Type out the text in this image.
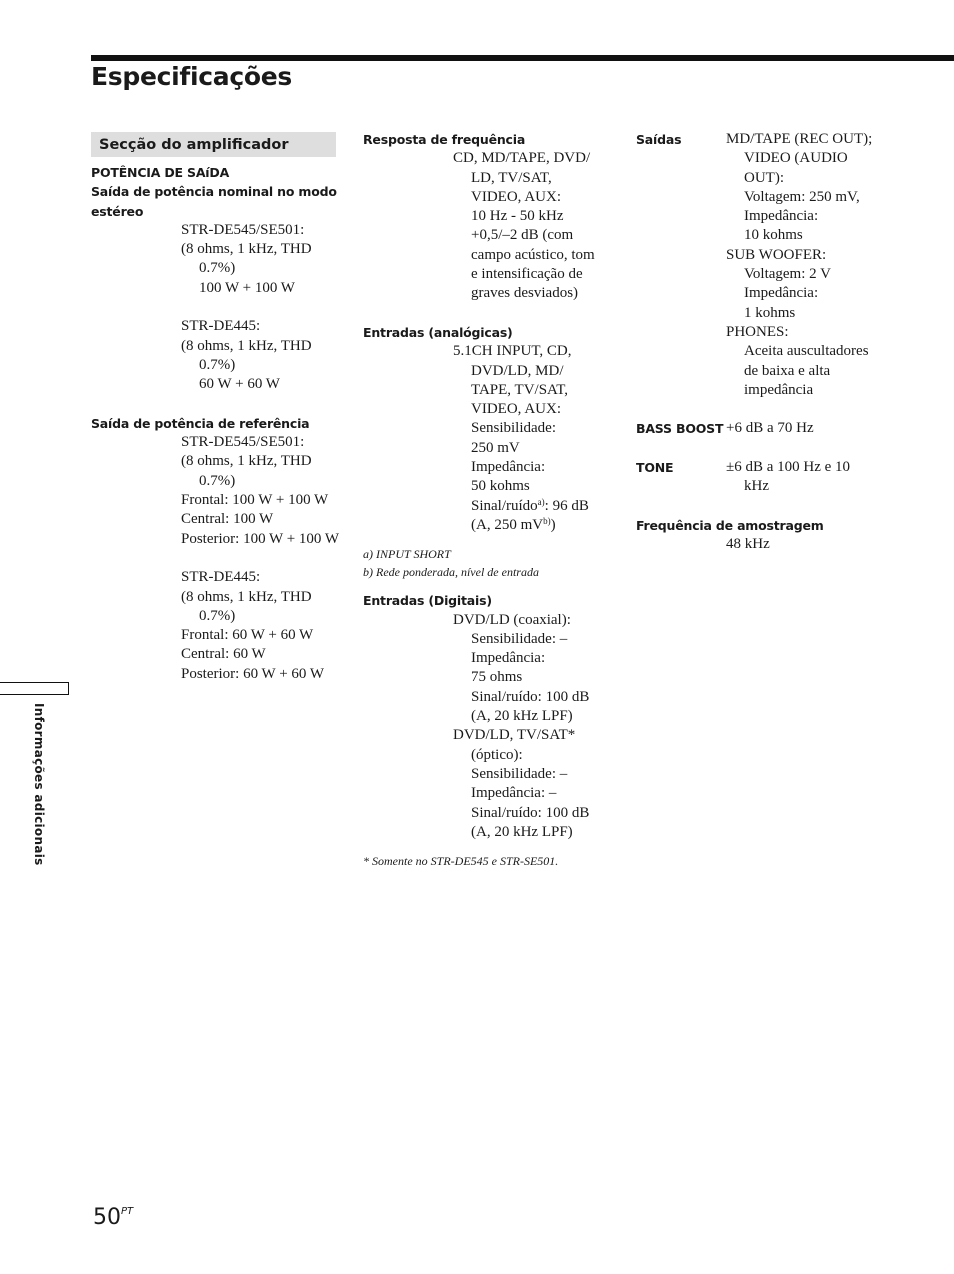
Especificações
Secção do amplificador
POTÊNCIA DE SAíDA
Saída de potência nominal no modo estéreo
STR-DE545/SE501:
(8 ohms, 1 kHz, THD
0.7%)
100 W + 100 W
STR-DE445:
(8 ohms, 1 kHz, THD
0.7%)
60 W + 60 W
Saída de potência de referência
STR-DE545/SE501:
(8 ohms, 1 kHz, THD
0.7%)
Frontal: 100 W + 100 W
Central: 100 W
Posterior: 100 W + 100 W
STR-DE445:
(8 ohms, 1 kHz, THD
0.7%)
Frontal: 60 W + 60 W
Central: 60 W
Posterior: 60 W + 60 W
Resposta de frequência
CD, MD/TAPE, DVD/
LD, TV/SAT,
VIDEO, AUX:
10 Hz - 50 kHz
+0,5/–2 dB (com
campo acústico, tom
e intensificação de
graves desviados)
Entradas (analógicas)
5.1CH INPUT, CD,
DVD/LD, MD/
TAPE, TV/SAT,
VIDEO, AUX:
Sensibilidade:
250 mV
Impedância:
50 kohms
Sinal/ruído$^{a)}$: 96 dB
(A, 250 $mV^{b)}$)
a) INPUT SHORT
b) Rede ponderada, nível de entrada
Entradas (Digitais)
DVD/LD (coaxial):
Sensibilidade: –
Impedância:
75 ohms
Sinal/ruído: 100 dB
(A, 20 kHz LPF)
DVD/LD, TV/SAT*
(óptico):
Sensibilidade: –
Impedância: –
Sinal/ruído: 100 dB
(A, 20 kHz LPF)
* Somente no STR-DE545 e STR-SE501.
Saídas	MD/TAPE (REC OUT);
VIDEO (AUDIO
OUT):
Voltagem: 250 mV,
Impedância:
10 kohms
SUB WOOFER:
Voltagem: 2 V
Impedância:
1 kohms
PHONES:
Aceita auscultadores
de baixa e alta
impedância
BASS BOOST +6 dB a 70 Hz
TONE	±6 dB a 100 Hz e 10
kHz
Frequência de amostragem
48 kHz
Informações adicionais
$50^{PT}$
